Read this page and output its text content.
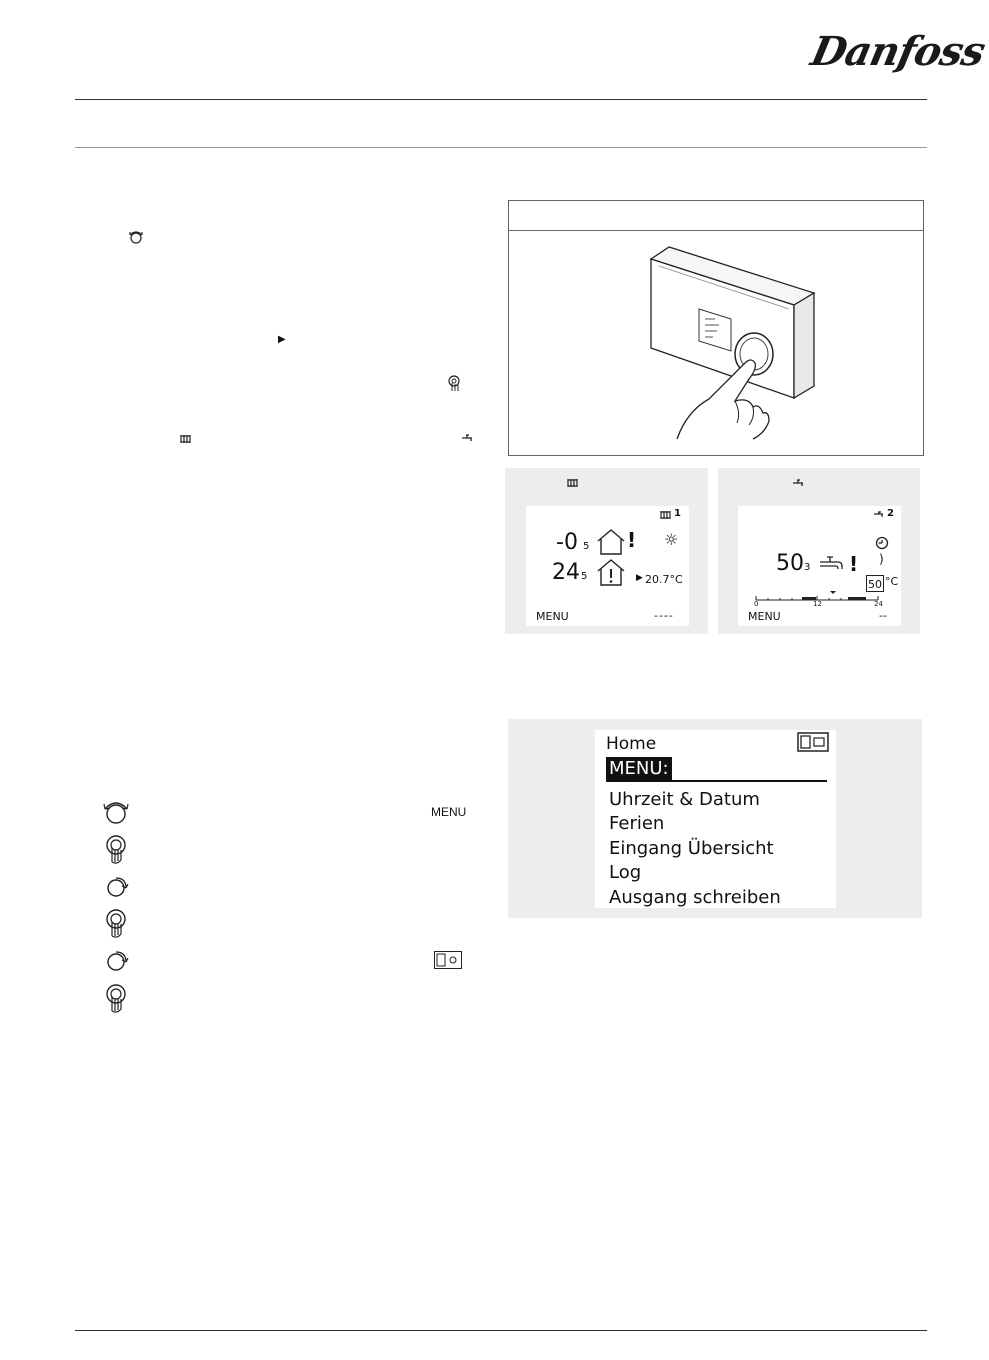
Danfoss
▶
MENU
1
-0 5 ! ☼
24 5	▶ 20.7°C
MENU	----
2
)
50 3 !
50 °C
0	12	24
MENU	--
Home
MENU:
Uhrzeit & Datum
Ferien
Eingang Übersicht
Log
Ausgang schreiben
